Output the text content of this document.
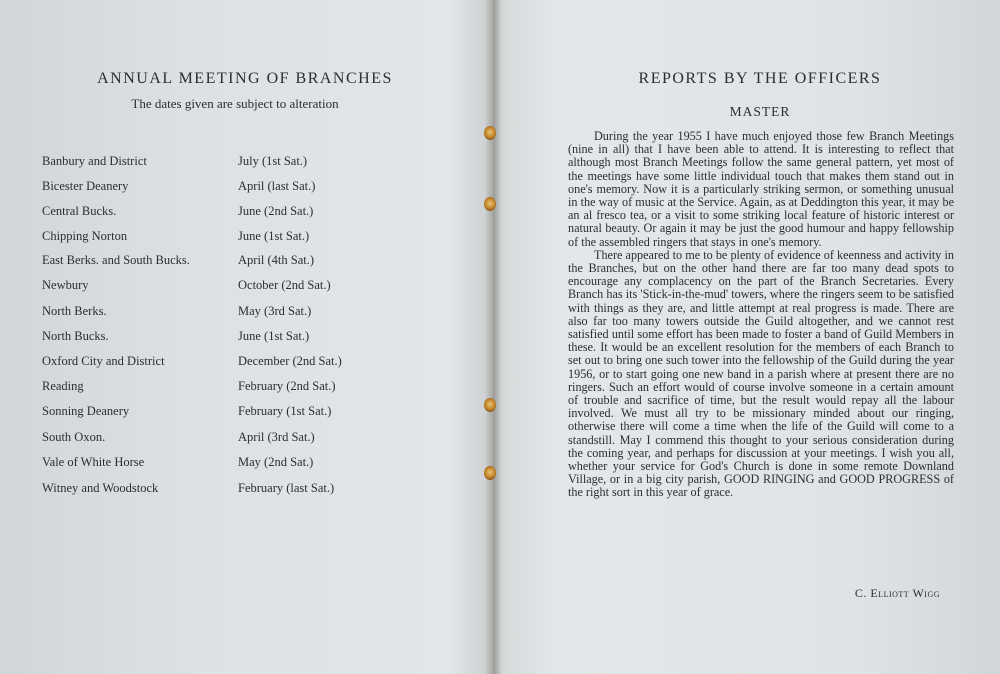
ANNUAL MEETING OF BRANCHES
The dates given are subject to alteration
Banbury and District	July (1st Sat.)
Bicester Deanery	April (last Sat.)
Central Bucks.	June (2nd Sat.)
Chipping Norton	June (1st Sat.)
East Berks. and South Bucks.	April (4th Sat.)
Newbury	October (2nd Sat.)
North Berks.	May (3rd Sat.)
North Bucks.	June (1st Sat.)
Oxford City and District	December (2nd Sat.)
Reading	February (2nd Sat.)
Sonning Deanery	February (1st Sat.)
South Oxon.	April (3rd Sat.)
Vale of White Horse	May (2nd Sat.)
Witney and Woodstock	February (last Sat.)
REPORTS BY THE OFFICERS
MASTER

During the year 1955 I have much enjoyed those few Branch Meetings (nine in all) that I have been able to attend. It is interesting to reflect that although most Branch Meetings follow the same general pattern, yet most of the meetings have some little individual touch that makes them stand out in one's memory. Now it is a particularly striking sermon, or something unusual in the way of music at the Service. Again, as at Deddington this year, it may be an al fresco tea, or a visit to some striking local feature of historic interest or natural beauty. Or again it may be just the good humour and happy fellowship of the assembled ringers that stays in one's memory.

There appeared to me to be plenty of evidence of keenness and activity in the Branches, but on the other hand there are far too many dead spots to encourage any complacency on the part of the Branch Secretaries. Every Branch has its 'Stick-in-the-mud' towers, where the ringers seem to be satisfied with things as they are, and little attempt at real progress is made. There are also far too many towers outside the Guild altogether, and we cannot rest satisfied until some effort has been made to foster a band of Guild Members in these. It would be an excellent resolution for the members of each Branch to set out to bring one such tower into the fellowship of the Guild during the year 1956, or to start going one new band in a parish where at present there are no ringers. Such an effort would of course involve someone in a certain amount of trouble and sacrifice of time, but the result would repay all the labour involved. We must all try to be missionary minded about our ringing, otherwise there will come a time when the life of the Guild will come to a standstill. May I commend this thought to your serious consideration during the coming year, and perhaps for discussion at your meetings. I wish you all, whether your service for God's Church is done in some remote Downland Village, or in a big city parish, GOOD RINGING and GOOD PROGRESS of the right sort in this year of grace.

C. Elliott Wigg
